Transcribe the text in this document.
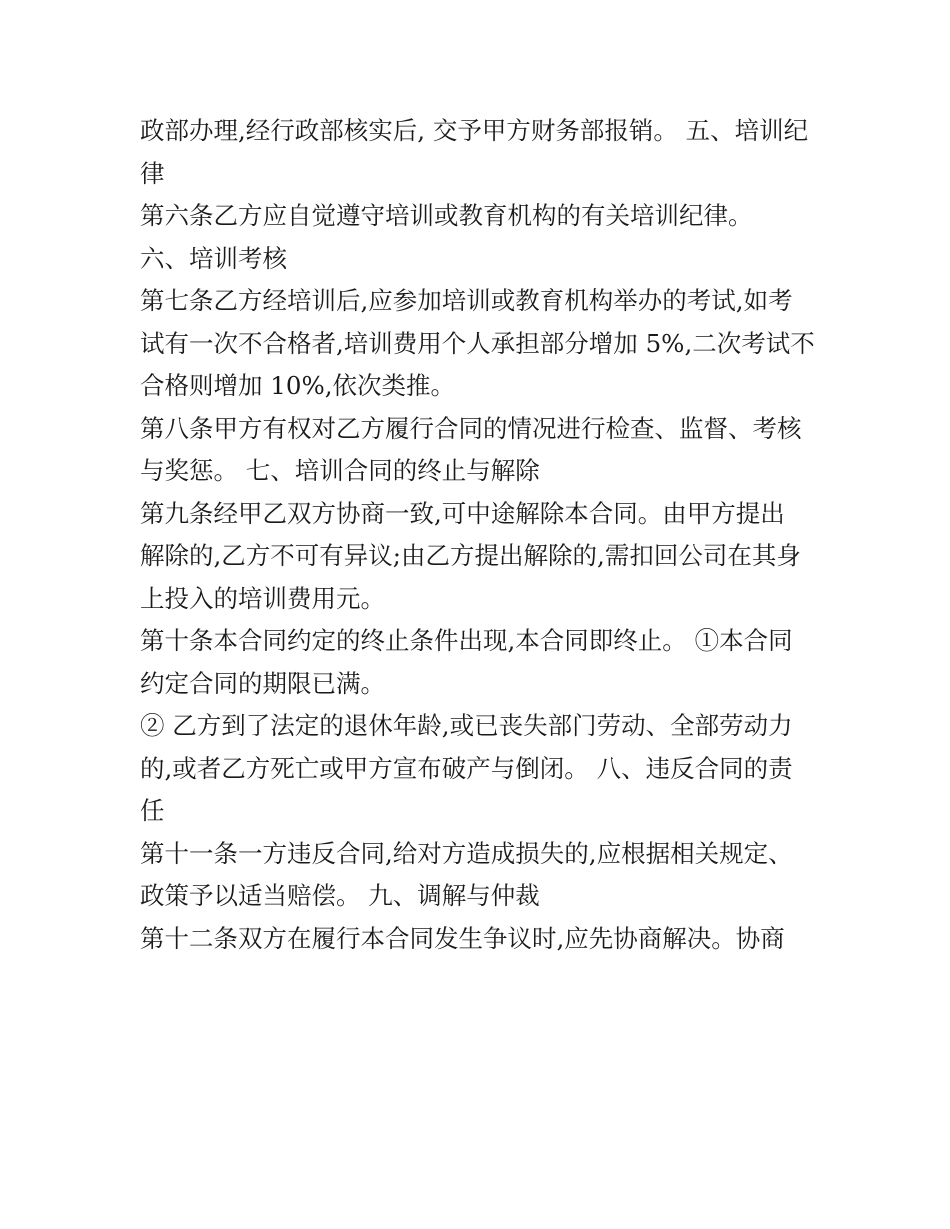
政部办理,经行政部核实后, 交予甲方财务部报销。 五、培训纪
律
第六条乙方应自觉遵守培训或教育机构的有关培训纪律。
六、培训考核
第七条乙方经培训后,应参加培训或教育机构举办的考试,如考
试有一次不合格者,培训费用个人承担部分增加 5%,二次考试不
合格则增加 10%,依次类推。
第八条甲方有权对乙方履行合同的情况进行检查、监督、考核
与奖惩。 七、培训合同的终止与解除
第九条经甲乙双方协商一致,可中途解除本合同。由甲方提出
解除的,乙方不可有异议;由乙方提出解除的,需扣回公司在其身
上投入的培训费用元。
第十条本合同约定的终止条件出现,本合同即终止。 ①本合同
约定合同的期限已满。
② 乙方到了法定的退休年龄,或已丧失部门劳动、全部劳动力
的,或者乙方死亡或甲方宣布破产与倒闭。 八、违反合同的责
任
第十一条一方违反合同,给对方造成损失的,应根据相关规定、
政策予以适当赔偿。 九、调解与仲裁
第十二条双方在履行本合同发生争议时,应先协商解决。协商
